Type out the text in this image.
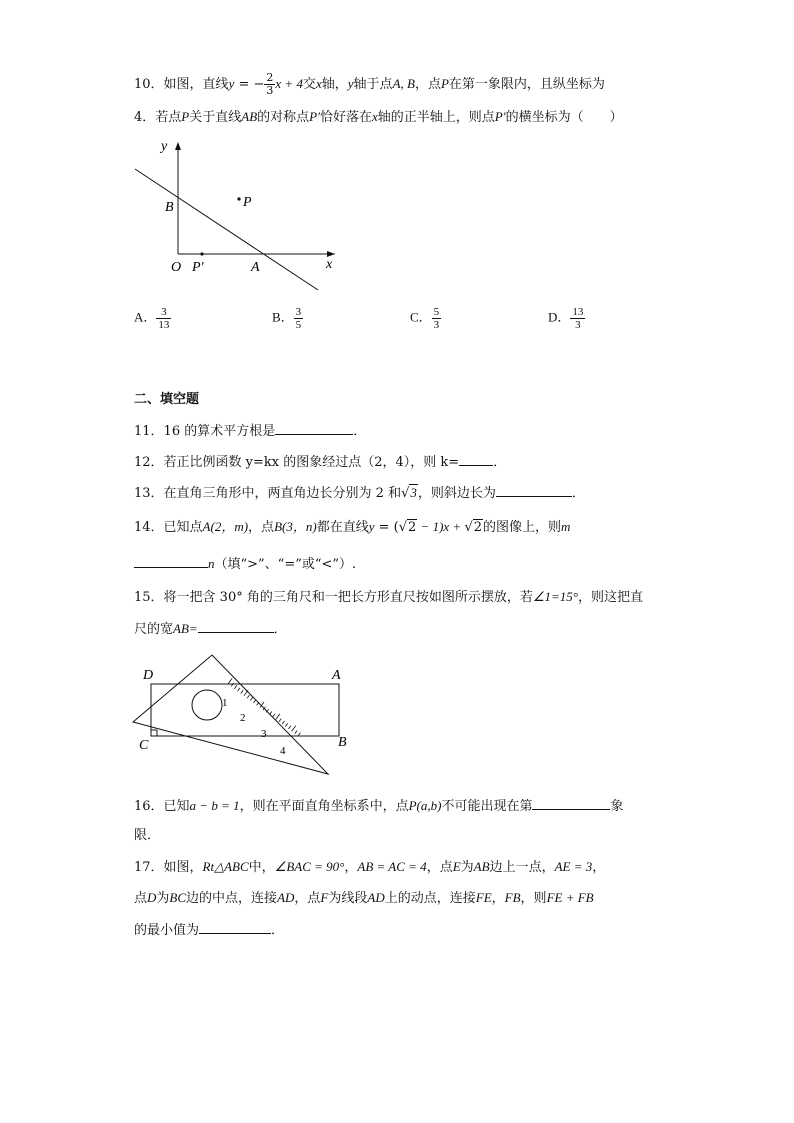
10．如图，直线y = − $\frac{2}{3}$ x + 4交x轴，y轴于点A, B，点P在第一象限内，且纵坐标为
4．若点P关于直线AB的对称点P′恰好落在x轴的正半轴上，则点P′的横坐标为（　　）
y
x
O
B
A
P
P′
A． $\frac{3}{13}$	B． $\frac{3}{5}$	C． $\frac{5}{3}$	D． $\frac{13}{3}$
二、填空题
11．16 的算术平方根是	．
12．若正比例函数 y=kx 的图象经过点（2，4），则 k=	．
13．在直角三角形中，两直角边长分别为 2 和√3，则斜边长为	．
14．已知点A(2，m)，点B(3，n)都在直线y = (√2 − 1)x + √2的图像上，则m
n（填“>”、“=”或“<”）.
15．将一把含 30° 角的三角尺和一把长方形直尺按如图所示摆放，若∠1=15°，则这把直
尺的宽AB=	．
D	A
C	B
1
2
3
4
16．已知a − b = 1，则在平面直角坐标系中，点P(a,b)不可能出现在第	象
限．
17．如图，Rt△ABC中，∠BAC = 90°，AB = AC = 4，点E为AB边上一点，AE = 3，
点D为BC边的中点，连接AD，点F为线段AD上的动点，连接FE，FB，则FE + FB
的最小值为	．
